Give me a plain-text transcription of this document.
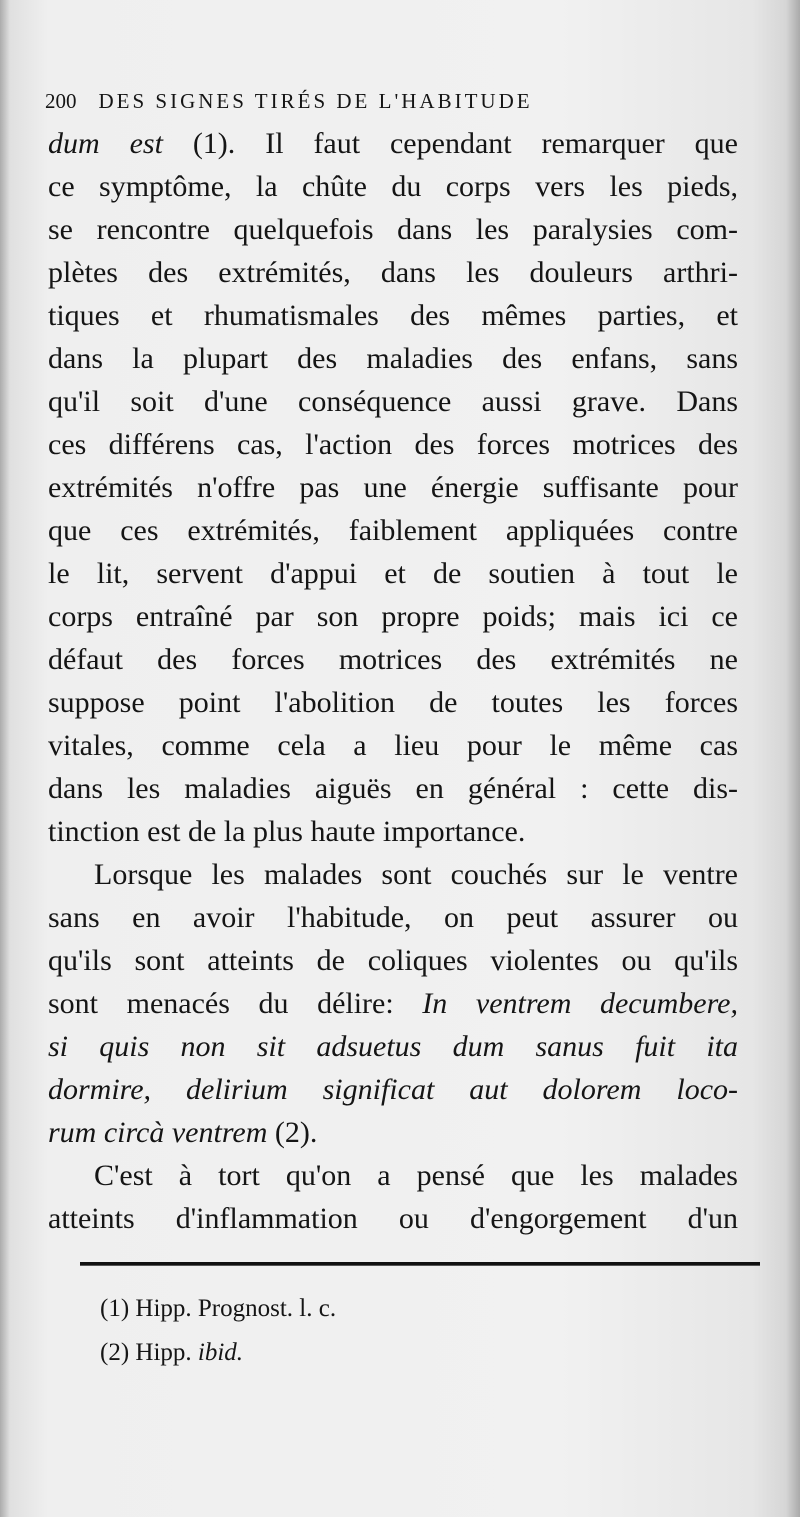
200 DES SIGNES TIRÉS DE L'HABITUDE
dum est (1). Il faut cependant remarquer que
ce symptôme, la chûte du corps vers les pieds,
se rencontre quelquefois dans les paralysies com-
plètes des extrémités, dans les douleurs arthri-
tiques et rhumatismales des mêmes parties, et
dans la plupart des maladies des enfans, sans
qu'il soit d'une conséquence aussi grave. Dans
ces différens cas, l'action des forces motrices des
extrémités n'offre pas une énergie suffisante pour
que ces extrémités, faiblement appliquées contre
le lit, servent d'appui et de soutien à tout le
corps entraîné par son propre poids; mais ici ce
défaut des forces motrices des extrémités ne
suppose point l'abolition de toutes les forces
vitales, comme cela a lieu pour le même cas
dans les maladies aiguës en général : cette dis-
tinction est de la plus haute importance.
Lorsque les malades sont couchés sur le ventre
sans en avoir l'habitude, on peut assurer ou
qu'ils sont atteints de coliques violentes ou qu'ils
sont menacés du délire: In ventrem decumbere,
si quis non sit adsuetus dum sanus fuit ita
dormire, delirium significat aut dolorem loco-
rum circà ventrem (2).
C'est à tort qu'on a pensé que les malades
atteints d'inflammation ou d'engorgement d'un
(1) Hipp. Prognost. l. c.
(2) Hipp. ibid.
